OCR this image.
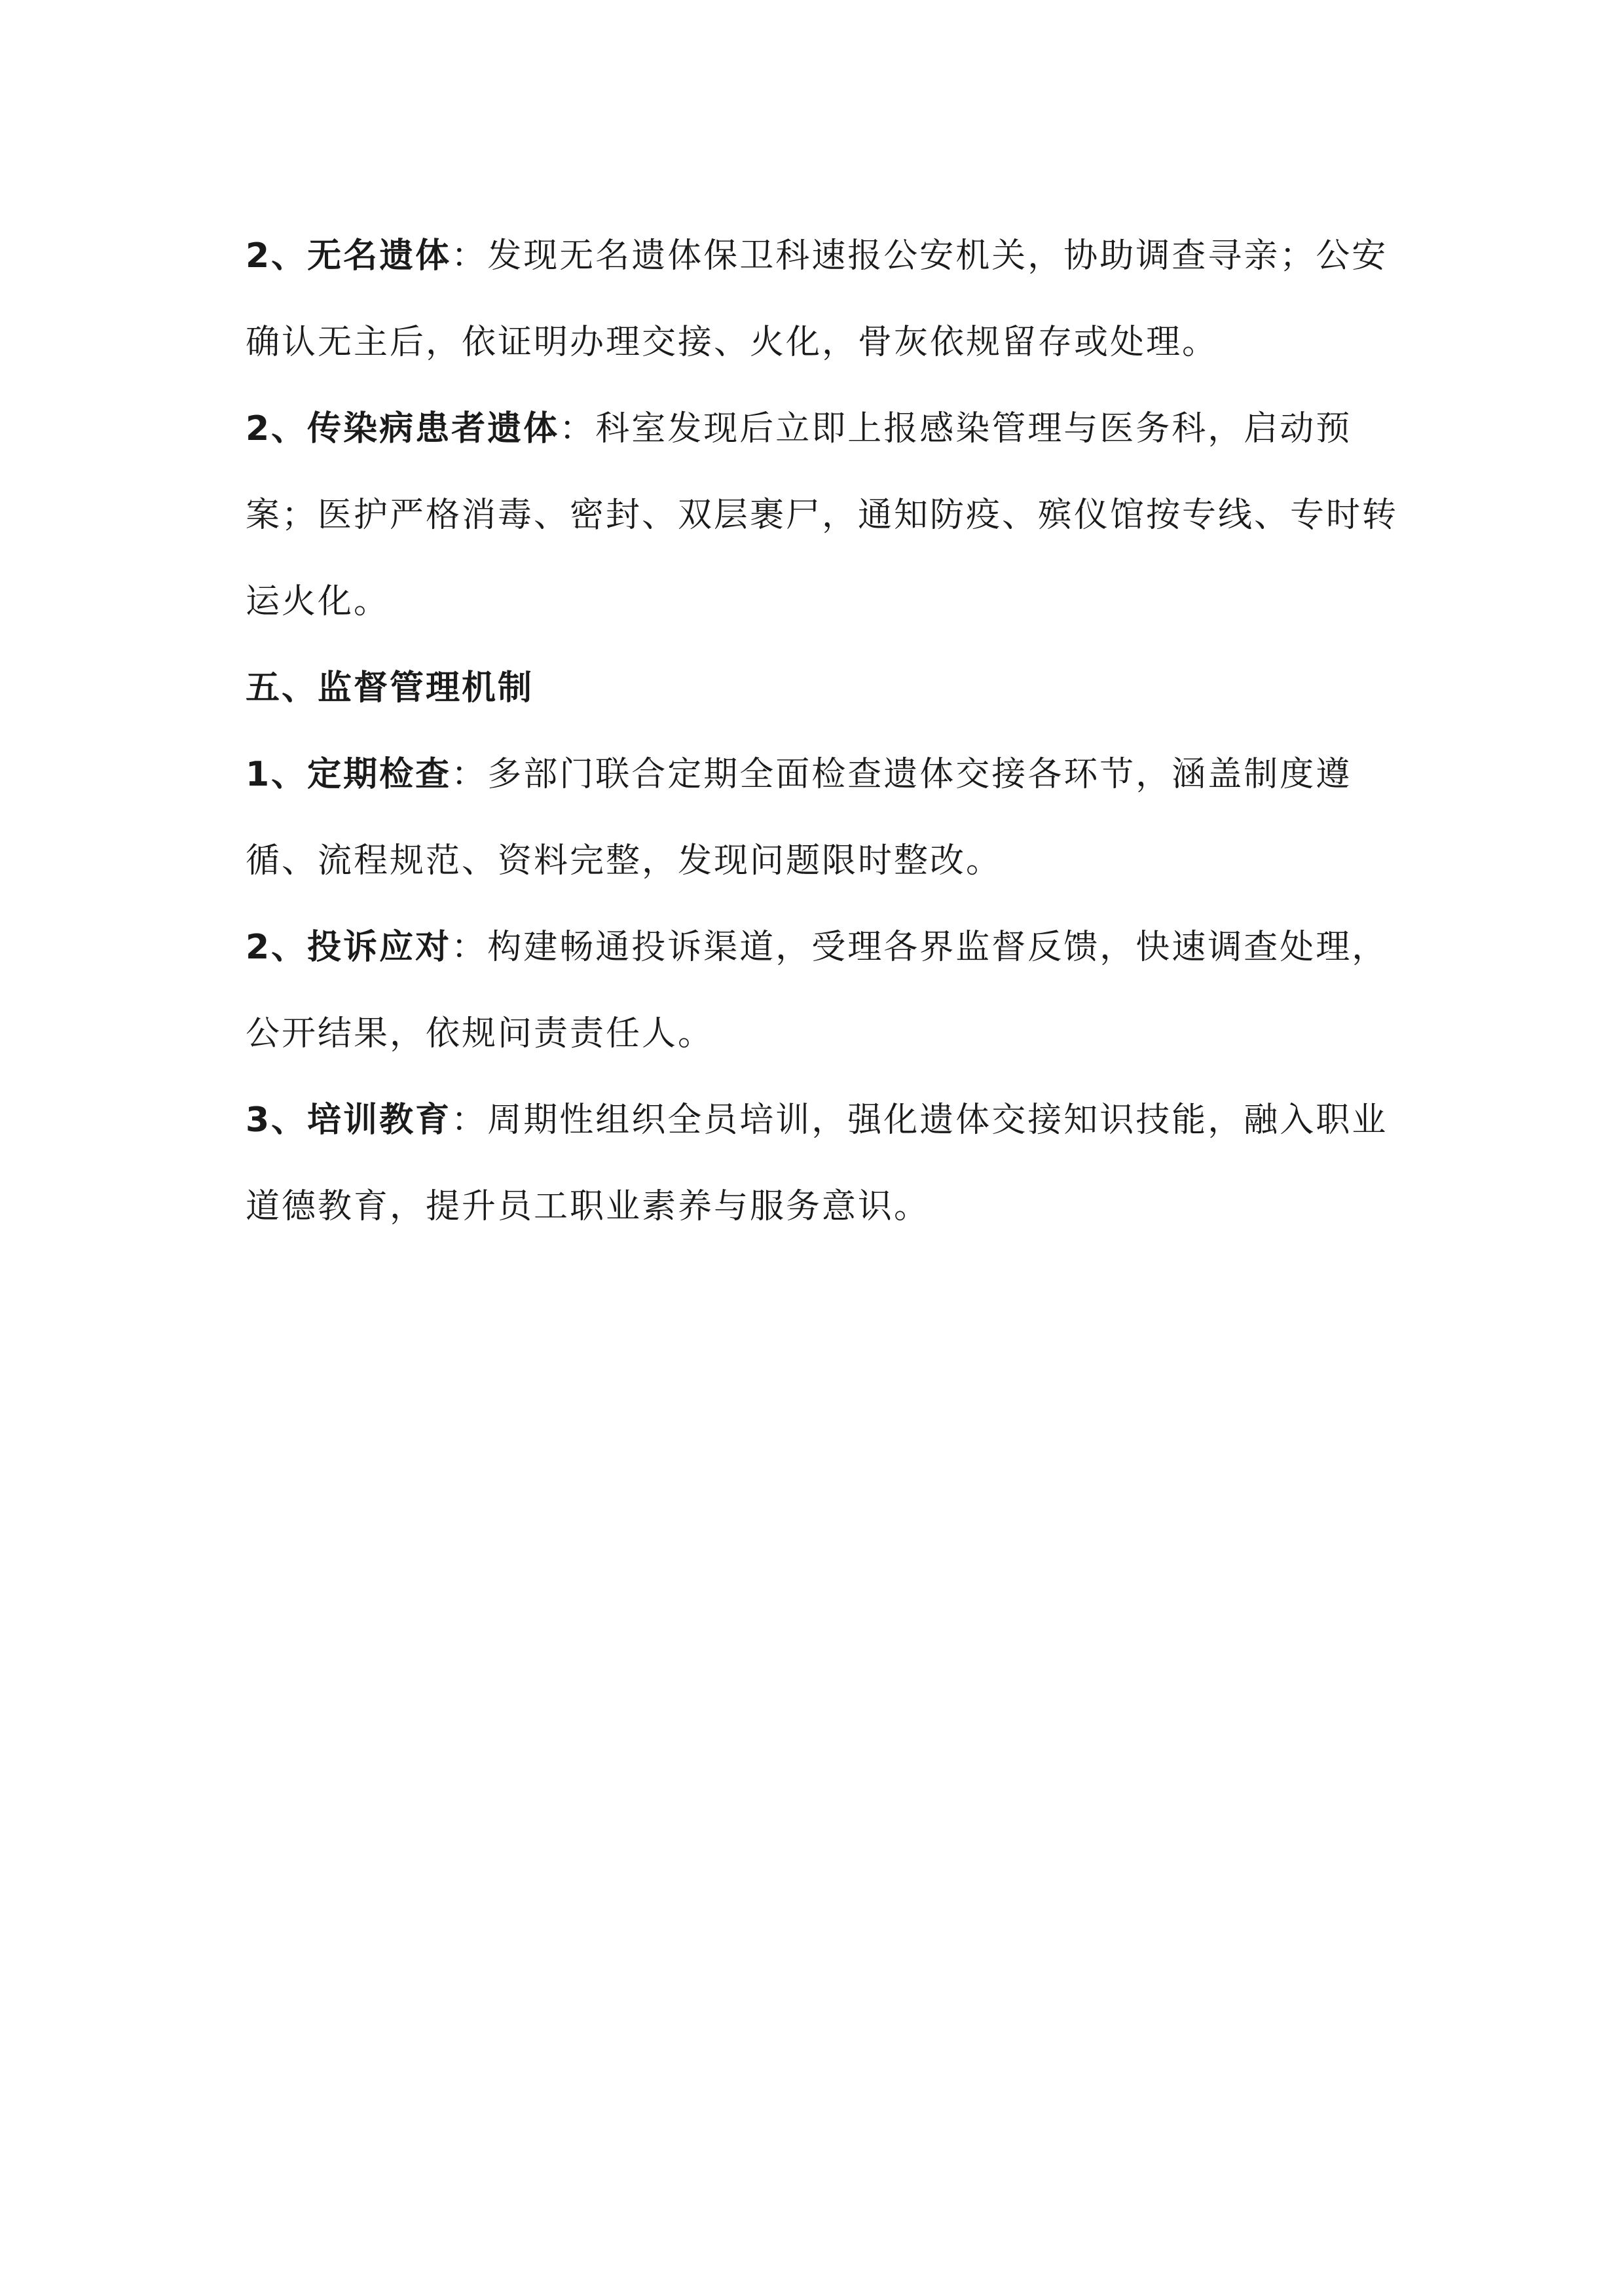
2、无名遗体：发现无名遗体保卫科速报公安机关，协助调查寻亲；公安确认无主后，依证明办理交接、火化，骨灰依规留存或处理。

2、传染病患者遗体：科室发现后立即上报感染管理与医务科，启动预案；医护严格消毒、密封、双层裹尸，通知防疫、殡仪馆按专线、专时转运火化。

五、监督管理机制

1、定期检查：多部门联合定期全面检查遗体交接各环节，涵盖制度遵循、流程规范、资料完整，发现问题限时整改。

2、投诉应对：构建畅通投诉渠道，受理各界监督反馈，快速调查处理，公开结果，依规问责责任人。

3、培训教育：周期性组织全员培训，强化遗体交接知识技能，融入职业道德教育，提升员工职业素养与服务意识。
